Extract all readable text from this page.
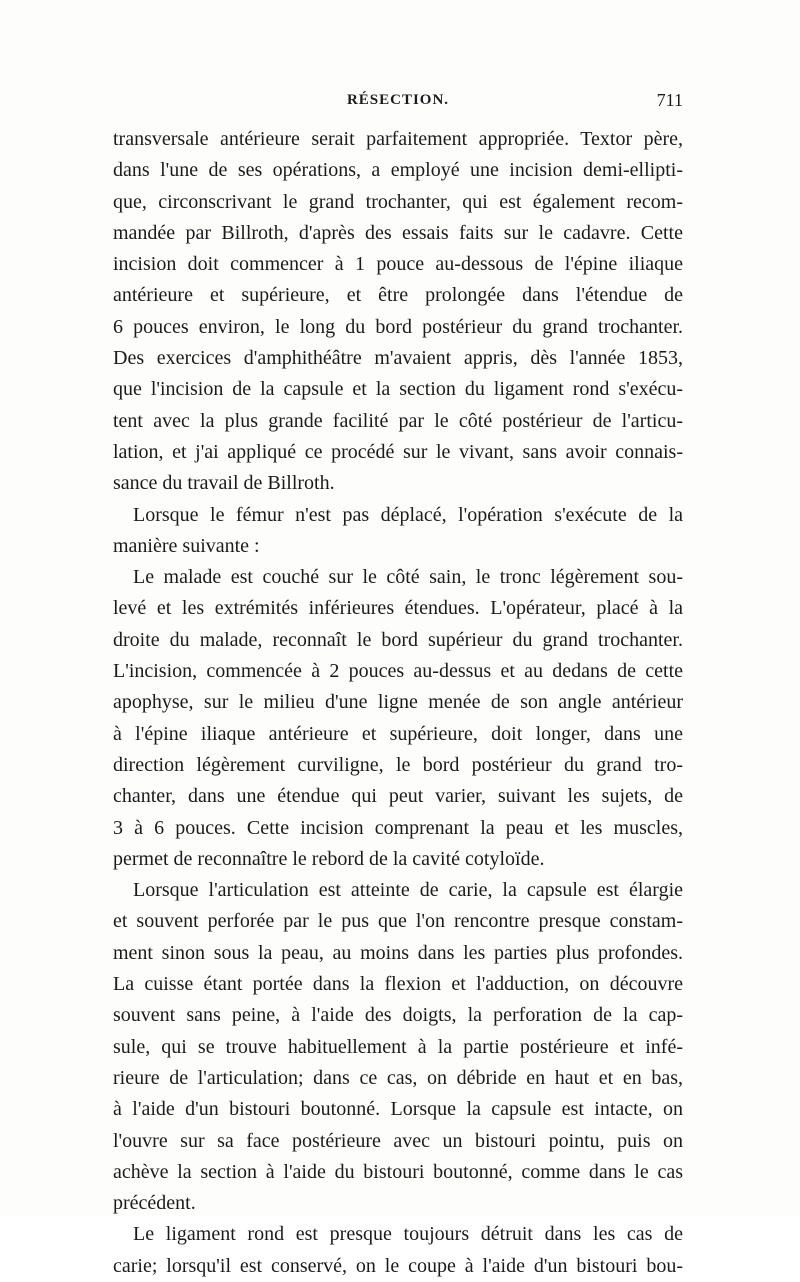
RÉSECTION.	711
transversale antérieure serait parfaitement appropriée. Textor père,
dans l'une de ses opérations, a employé une incision demi-ellipti-
que, circonscrivant le grand trochanter, qui est également recom-
mandée par Billroth, d'après des essais faits sur le cadavre. Cette
incision doit commencer à 1 pouce au-dessous de l'épine iliaque
antérieure et supérieure, et être prolongée dans l'étendue de
6 pouces environ, le long du bord postérieur du grand trochanter.
Des exercices d'amphithéâtre m'avaient appris, dès l'année 1853,
que l'incision de la capsule et la section du ligament rond s'exécu-
tent avec la plus grande facilité par le côté postérieur de l'articu-
lation, et j'ai appliqué ce procédé sur le vivant, sans avoir connais-
sance du travail de Billroth.
Lorsque le fémur n'est pas déplacé, l'opération s'exécute de la
manière suivante :
Le malade est couché sur le côté sain, le tronc légèrement sou-
levé et les extrémités inférieures étendues. L'opérateur, placé à la
droite du malade, reconnaît le bord supérieur du grand trochanter.
L'incision, commencée à 2 pouces au-dessus et au dedans de cette
apophyse, sur le milieu d'une ligne menée de son angle antérieur
à l'épine iliaque antérieure et supérieure, doit longer, dans une
direction légèrement curviligne, le bord postérieur du grand tro-
chanter, dans une étendue qui peut varier, suivant les sujets, de
3 à 6 pouces. Cette incision comprenant la peau et les muscles,
permet de reconnaître le rebord de la cavité cotyloïde.
Lorsque l'articulation est atteinte de carie, la capsule est élargie
et souvent perforée par le pus que l'on rencontre presque constam-
ment sinon sous la peau, au moins dans les parties plus profondes.
La cuisse étant portée dans la flexion et l'adduction, on découvre
souvent sans peine, à l'aide des doigts, la perforation de la cap-
sule, qui se trouve habituellement à la partie postérieure et infé-
rieure de l'articulation; dans ce cas, on débride en haut et en bas,
à l'aide d'un bistouri boutonné. Lorsque la capsule est intacte, on
l'ouvre sur sa face postérieure avec un bistouri pointu, puis on
achève la section à l'aide du bistouri boutonné, comme dans le cas
précédent.
Le ligament rond est presque toujours détruit dans les cas de
carie; lorsqu'il est conservé, on le coupe à l'aide d'un bistouri bou-
